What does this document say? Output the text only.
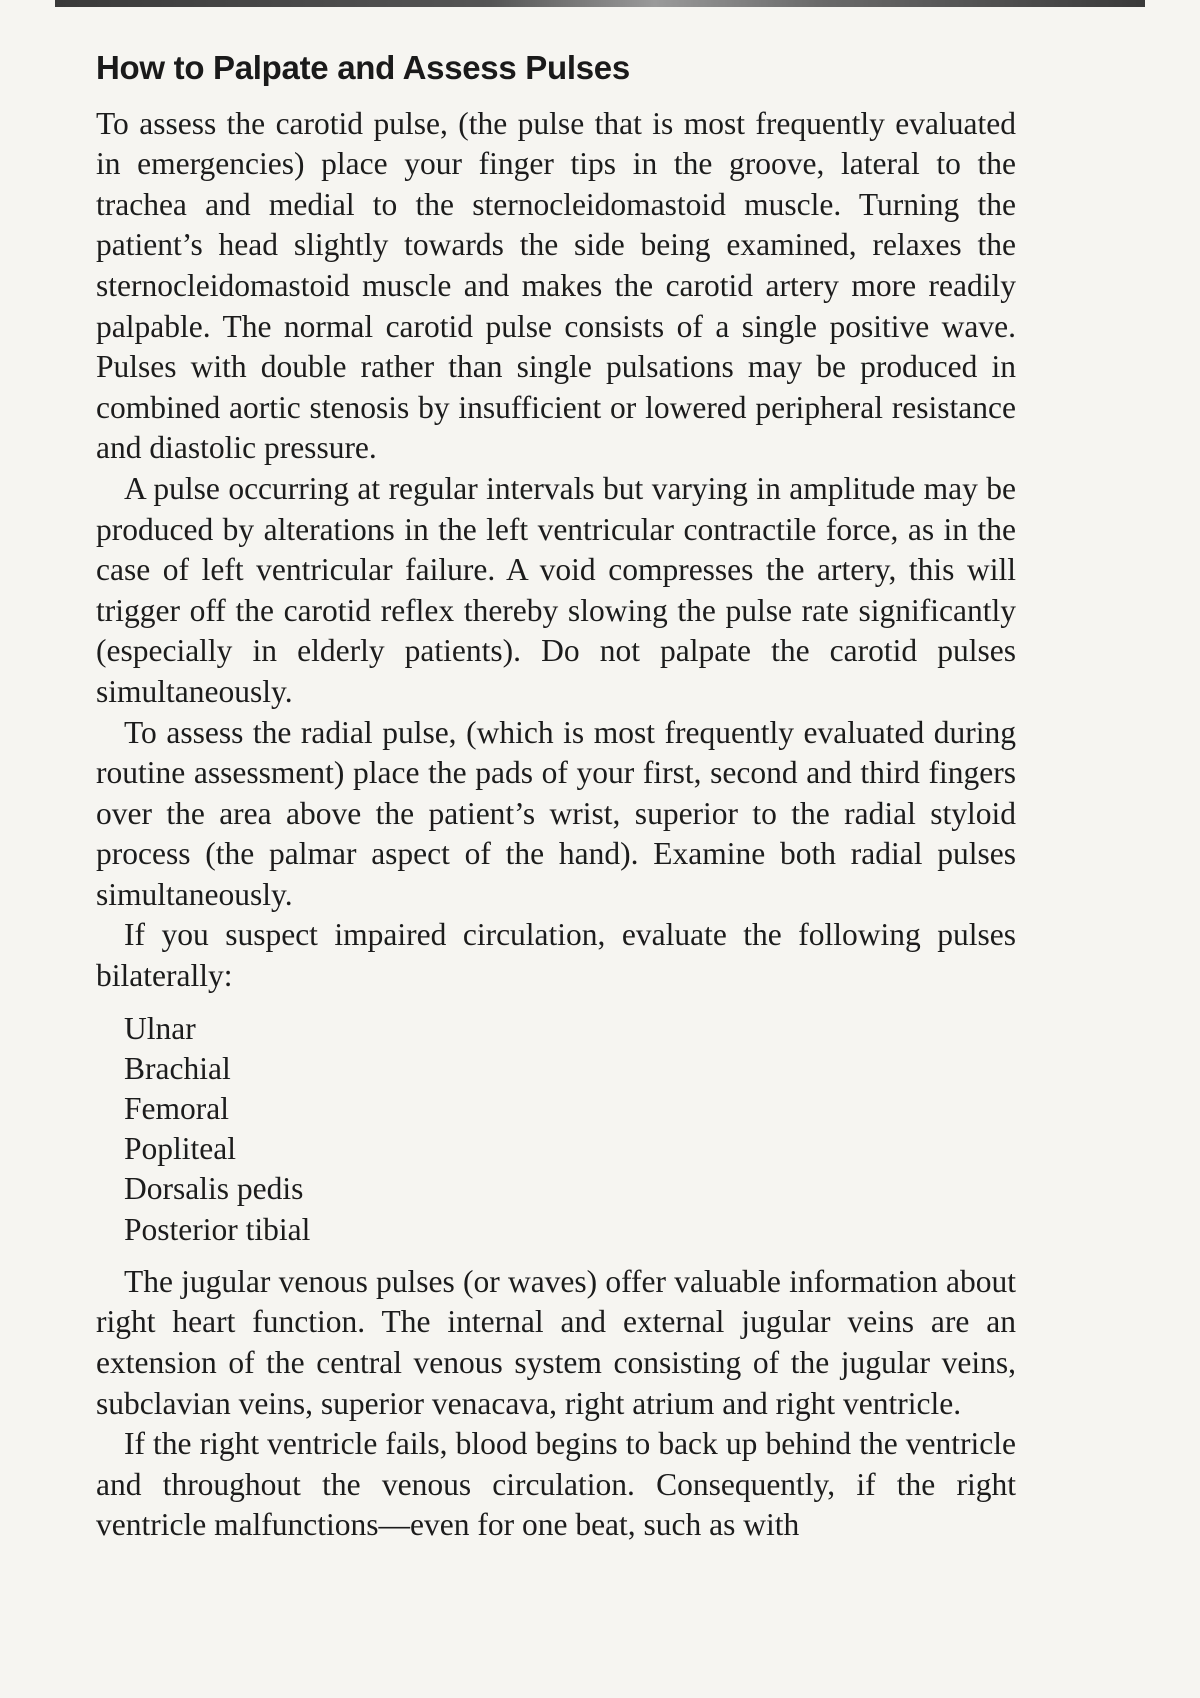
How to Palpate and Assess Pulses

To assess the carotid pulse, (the pulse that is most frequently evaluated in emergencies) place your finger tips in the groove, lateral to the trachea and medial to the sternocleidomastoid muscle. Turning the patient’s head slightly towards the side being examined, relaxes the sternocleidomastoid muscle and makes the carotid artery more readily palpable. The normal carotid pulse consists of a single positive wave. Pulses with double rather than single pulsations may be produced in combined aortic stenosis by insufficient or lowered peripheral resistance and diastolic pressure.

A pulse occurring at regular intervals but varying in amplitude may be produced by alterations in the left ventricular contractile force, as in the case of left ventricular failure. A void compresses the artery, this will trigger off the carotid reflex thereby slowing the pulse rate significantly (especially in elderly patients). Do not palpate the carotid pulses simultaneously.

To assess the radial pulse, (which is most frequently evaluated during routine assessment) place the pads of your first, second and third fingers over the area above the patient’s wrist, superior to the radial styloid process (the palmar aspect of the hand). Examine both radial pulses simultaneously.

If you suspect impaired circulation, evaluate the following pulses bilaterally:

Ulnar
Brachial
Femoral
Popliteal
Dorsalis pedis
Posterior tibial

The jugular venous pulses (or waves) offer valuable information about right heart function. The internal and external jugular veins are an extension of the central venous system consisting of the jugular veins, subclavian veins, superior venacava, right atrium and right ventricle.

If the right ventricle fails, blood begins to back up behind the ventricle and throughout the venous circulation. Consequently, if the right ventricle malfunctions—even for one beat, such as with
